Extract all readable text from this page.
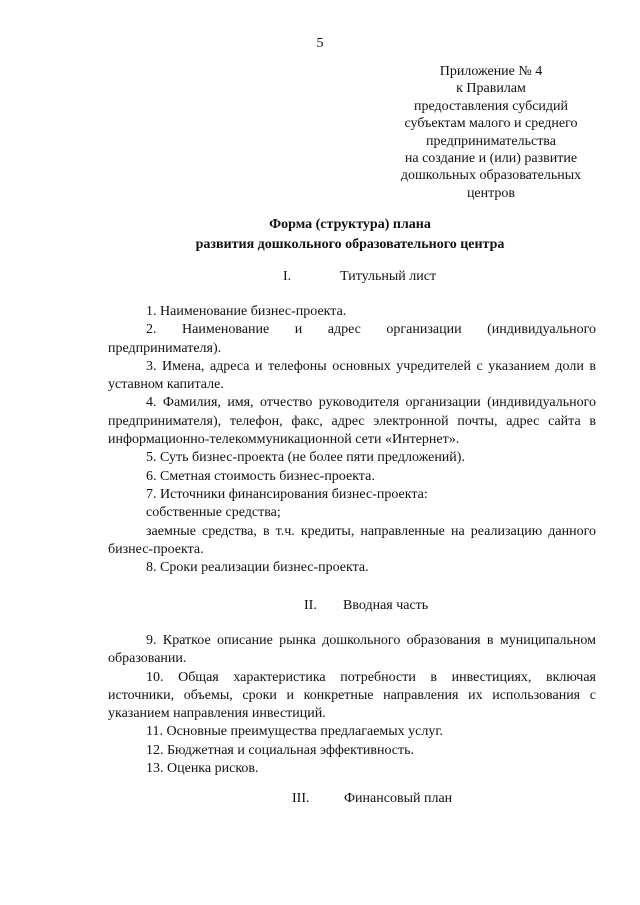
5
Приложение № 4
к Правилам
предоставления субсидий
субъектам малого и среднего
предпринимательства
на создание и (или) развитие
дошкольных образовательных
центров
Форма (структура) плана
развития дошкольного образовательного центра
I.	Титульный лист

1. Наименование бизнес-проекта.

2. Наименование и адрес организации (индивидуального предпринимателя).

3. Имена, адреса и телефоны основных учредителей с указанием доли в уставном капитале.

4. Фамилия, имя, отчество руководителя организации (индивидуального предпринимателя), телефон, факс, адрес электронной почты, адрес сайта в информационно-телекоммуникационной сети «Интернет».

5. Суть бизнес-проекта (не более пяти предложений).

6. Сметная стоимость бизнес-проекта.

7. Источники финансирования бизнес-проекта:

собственные средства;

заемные средства, в т.ч. кредиты, направленные на реализацию данного бизнес-проекта.

8. Сроки реализации бизнес-проекта.

II. Вводная часть

9. Краткое описание рынка дошкольного образования в муниципальном образовании.

10. Общая характеристика потребности в инвестициях, включая источники, объемы, сроки и конкретные направления их использования с указанием направления инвестиций.

11. Основные преимущества предлагаемых услуг.

12. Бюджетная и социальная эффективность.

13. Оценка рисков.

III. Финансовый план
